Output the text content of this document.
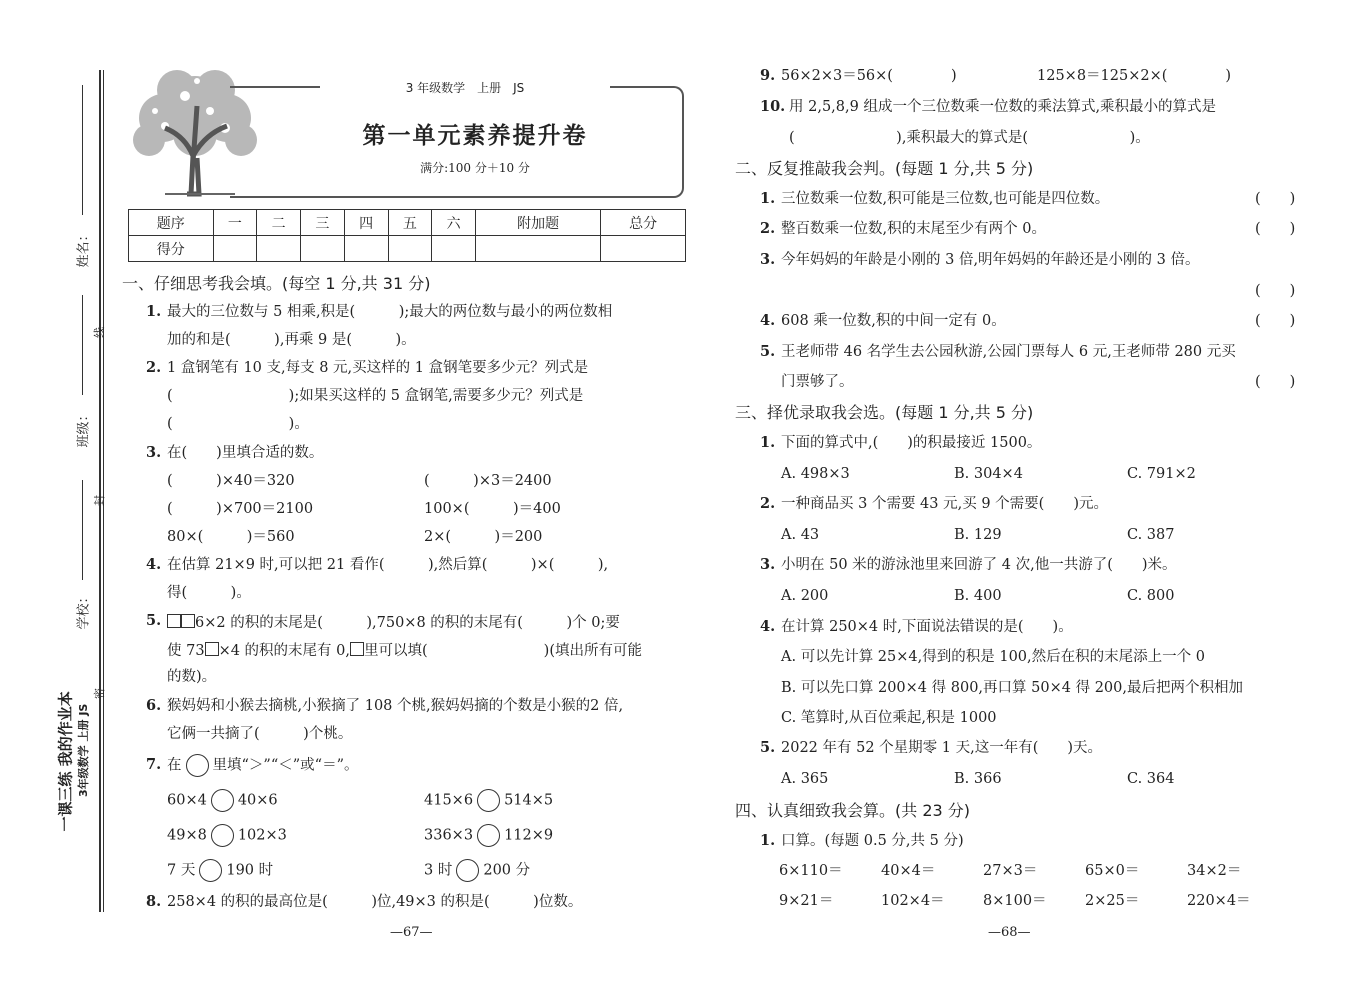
姓名：
班级：
学校：
线
封
密
一课三练 我的作业本 3年级数学 上册 JS
3 年级数学　上册　JS
第一单元素养提升卷
满分:100 分＋10 分
题序	一	二	三	四	五	六	附加题	总分
得分								
一、仔细思考我会填。(每空 1 分,共 31 分)
1. 最大的三位数与 5 相乘,积是(　　　);最大的两位数与最小的两位数相
加的和是(　　　),再乘 9 是(　　　)。
2. 1 盒钢笔有 10 支,每支 8 元,买这样的 1 盒钢笔要多少元？列式是
(　　　　　　　　);如果买这样的 5 盒钢笔,需要多少元？列式是
(　　　　　　　　)。
3. 在(　　)里填合适的数。
(　　　)×40＝320	(　　　)×3＝2400
(　　　)×700＝2100	100×(　　　)＝400
80×(　　　)＝560	2×(　　　)＝200
4. 在估算 21×9 时,可以把 21 看作(　　　),然后算(　　　)×(　　　),
得(　　　)。
5.	6×2 的积的末尾是(　　　),750×8 的积的末尾有(　　　)个 0;要
使 73 ×4 的积的末尾有 0, 里可以填(　　　　　　　　)(填出所有可能
的数)。
6. 猴妈妈和小猴去摘桃,小猴摘了 108 个桃,猴妈妈摘的个数是小猴的2 倍,
它俩一共摘了(　　　)个桃。
7. 在 里填“＞”“＜”或“＝”。
60×4 40×6	415×6 514×5
49×8 102×3	336×3 112×9
7 天 190 时	3 时 200 分
8. 258×4 的积的最高位是(　　　)位,49×3 的积是(　　　)位数。
—67—
9. 56×2×3＝56×(　　　　)	125×8＝125×2×(　　　　)
10. 用 2,5,8,9 组成一个三位数乘一位数的乘法算式,乘积最小的算式是
(　　　　　　　),乘积最大的算式是(　　　　　　　)。
二、反复推敲我会判。(每题 1 分,共 5 分)
1. 三位数乘一位数,积可能是三位数,也可能是四位数。	(　　)
2. 整百数乘一位数,积的末尾至少有两个 0。	(　　)
3. 今年妈妈的年龄是小刚的 3 倍,明年妈妈的年龄还是小刚的 3 倍。
(　　)
4. 608 乘一位数,积的中间一定有 0。	(　　)
5. 王老师带 46 名学生去公园秋游,公园门票每人 6 元,王老师带 280 元买
门票够了。	(　　)
三、择优录取我会选。(每题 1 分,共 5 分)
1. 下面的算式中,(　　)的积最接近 1500。
A. 498×3	B. 304×4	C. 791×2
2. 一种商品买 3 个需要 43 元,买 9 个需要(　　)元。
A. 43	B. 129	C. 387
3. 小明在 50 米的游泳池里来回游了 4 次,他一共游了(　　)米。
A. 200	B. 400	C. 800
4. 在计算 250×4 时,下面说法错误的是(　　)。
A. 可以先计算 25×4,得到的积是 100,然后在积的末尾添上一个 0
B. 可以先口算 200×4 得 800,再口算 50×4 得 200,最后把两个积相加
C. 笔算时,从百位乘起,积是 1000
5. 2022 年有 52 个星期零 1 天,这一年有(　　)天。
A. 365	B. 366	C. 364
四、认真细致我会算。(共 23 分)
1. 口算。(每题 0.5 分,共 5 分)
6×110＝	40×4＝	27×3＝	65×0＝	34×2＝
9×21＝	102×4＝	8×100＝	2×25＝	220×4＝
—68—
